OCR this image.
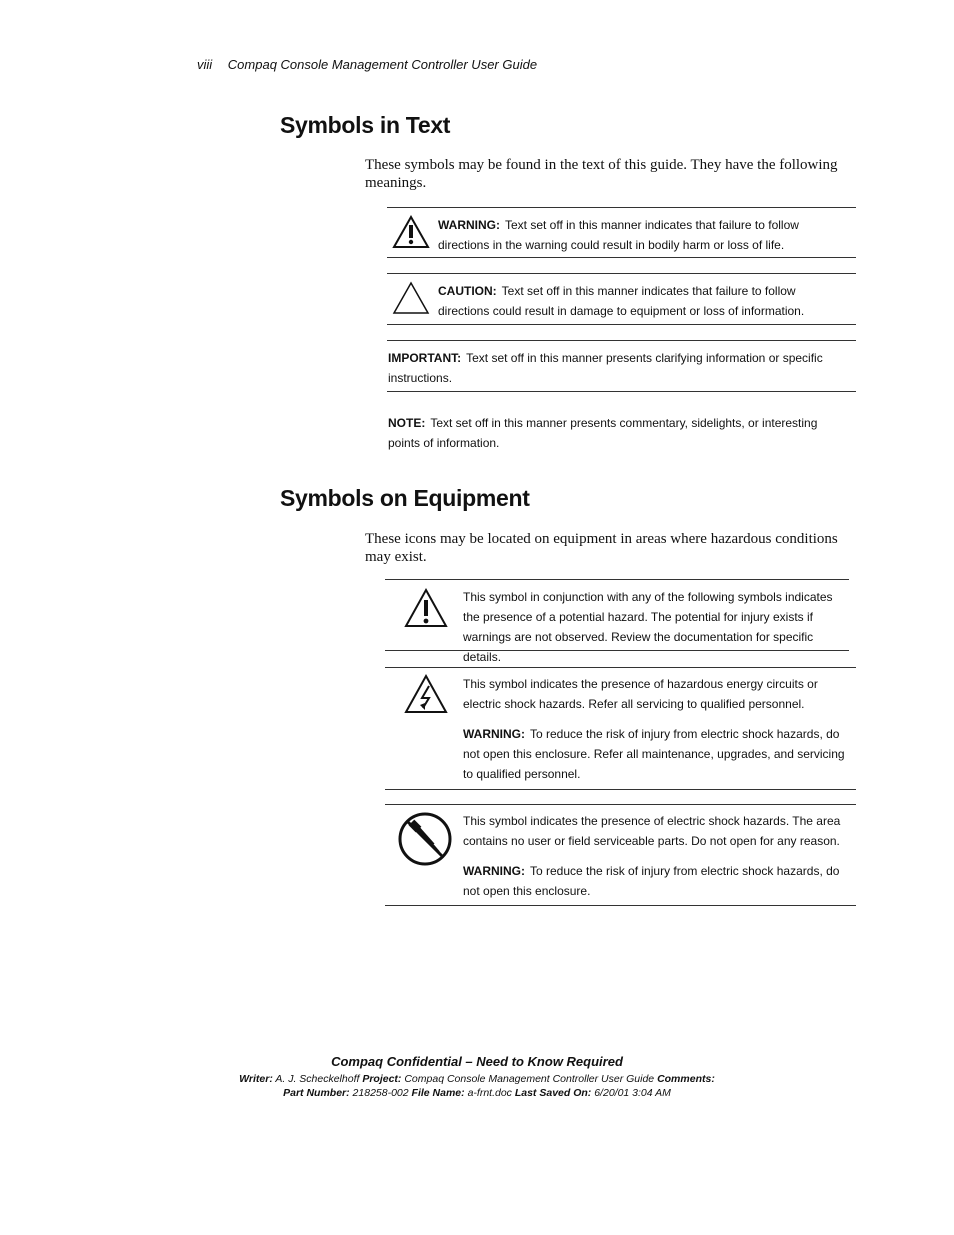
viii Compaq Console Management Controller User Guide
Symbols in Text

These symbols may be found in the text of this guide. They have the following meanings.

WARNING: Text set off in this manner indicates that failure to follow directions in the warning could result in bodily harm or loss of life.
CAUTION: Text set off in this manner indicates that failure to follow directions could result in damage to equipment or loss of information.
IMPORTANT: Text set off in this manner presents clarifying information or specific instructions.
NOTE: Text set off in this manner presents commentary, sidelights, or interesting points of information.
Symbols on Equipment

These icons may be located on equipment in areas where hazardous conditions may exist.

This symbol in conjunction with any of the following symbols indicates the presence of a potential hazard. The potential for injury exists if warnings are not observed. Review the documentation for specific details.

This symbol indicates the presence of hazardous energy circuits or electric shock hazards. Refer all servicing to qualified personnel.

WARNING: To reduce the risk of injury from electric shock hazards, do not open this enclosure. Refer all maintenance, upgrades, and servicing to qualified personnel.

This symbol indicates the presence of electric shock hazards. The area contains no user or field serviceable parts. Do not open for any reason.

WARNING: To reduce the risk of injury from electric shock hazards, do not open this enclosure.

Compaq Confidential – Need to Know Required
Writer: A. J. Scheckelhoff Project: Compaq Console Management Controller User Guide Comments:
Part Number: 218258-002 File Name: a-frnt.doc Last Saved On: 6/20/01 3:04 AM
